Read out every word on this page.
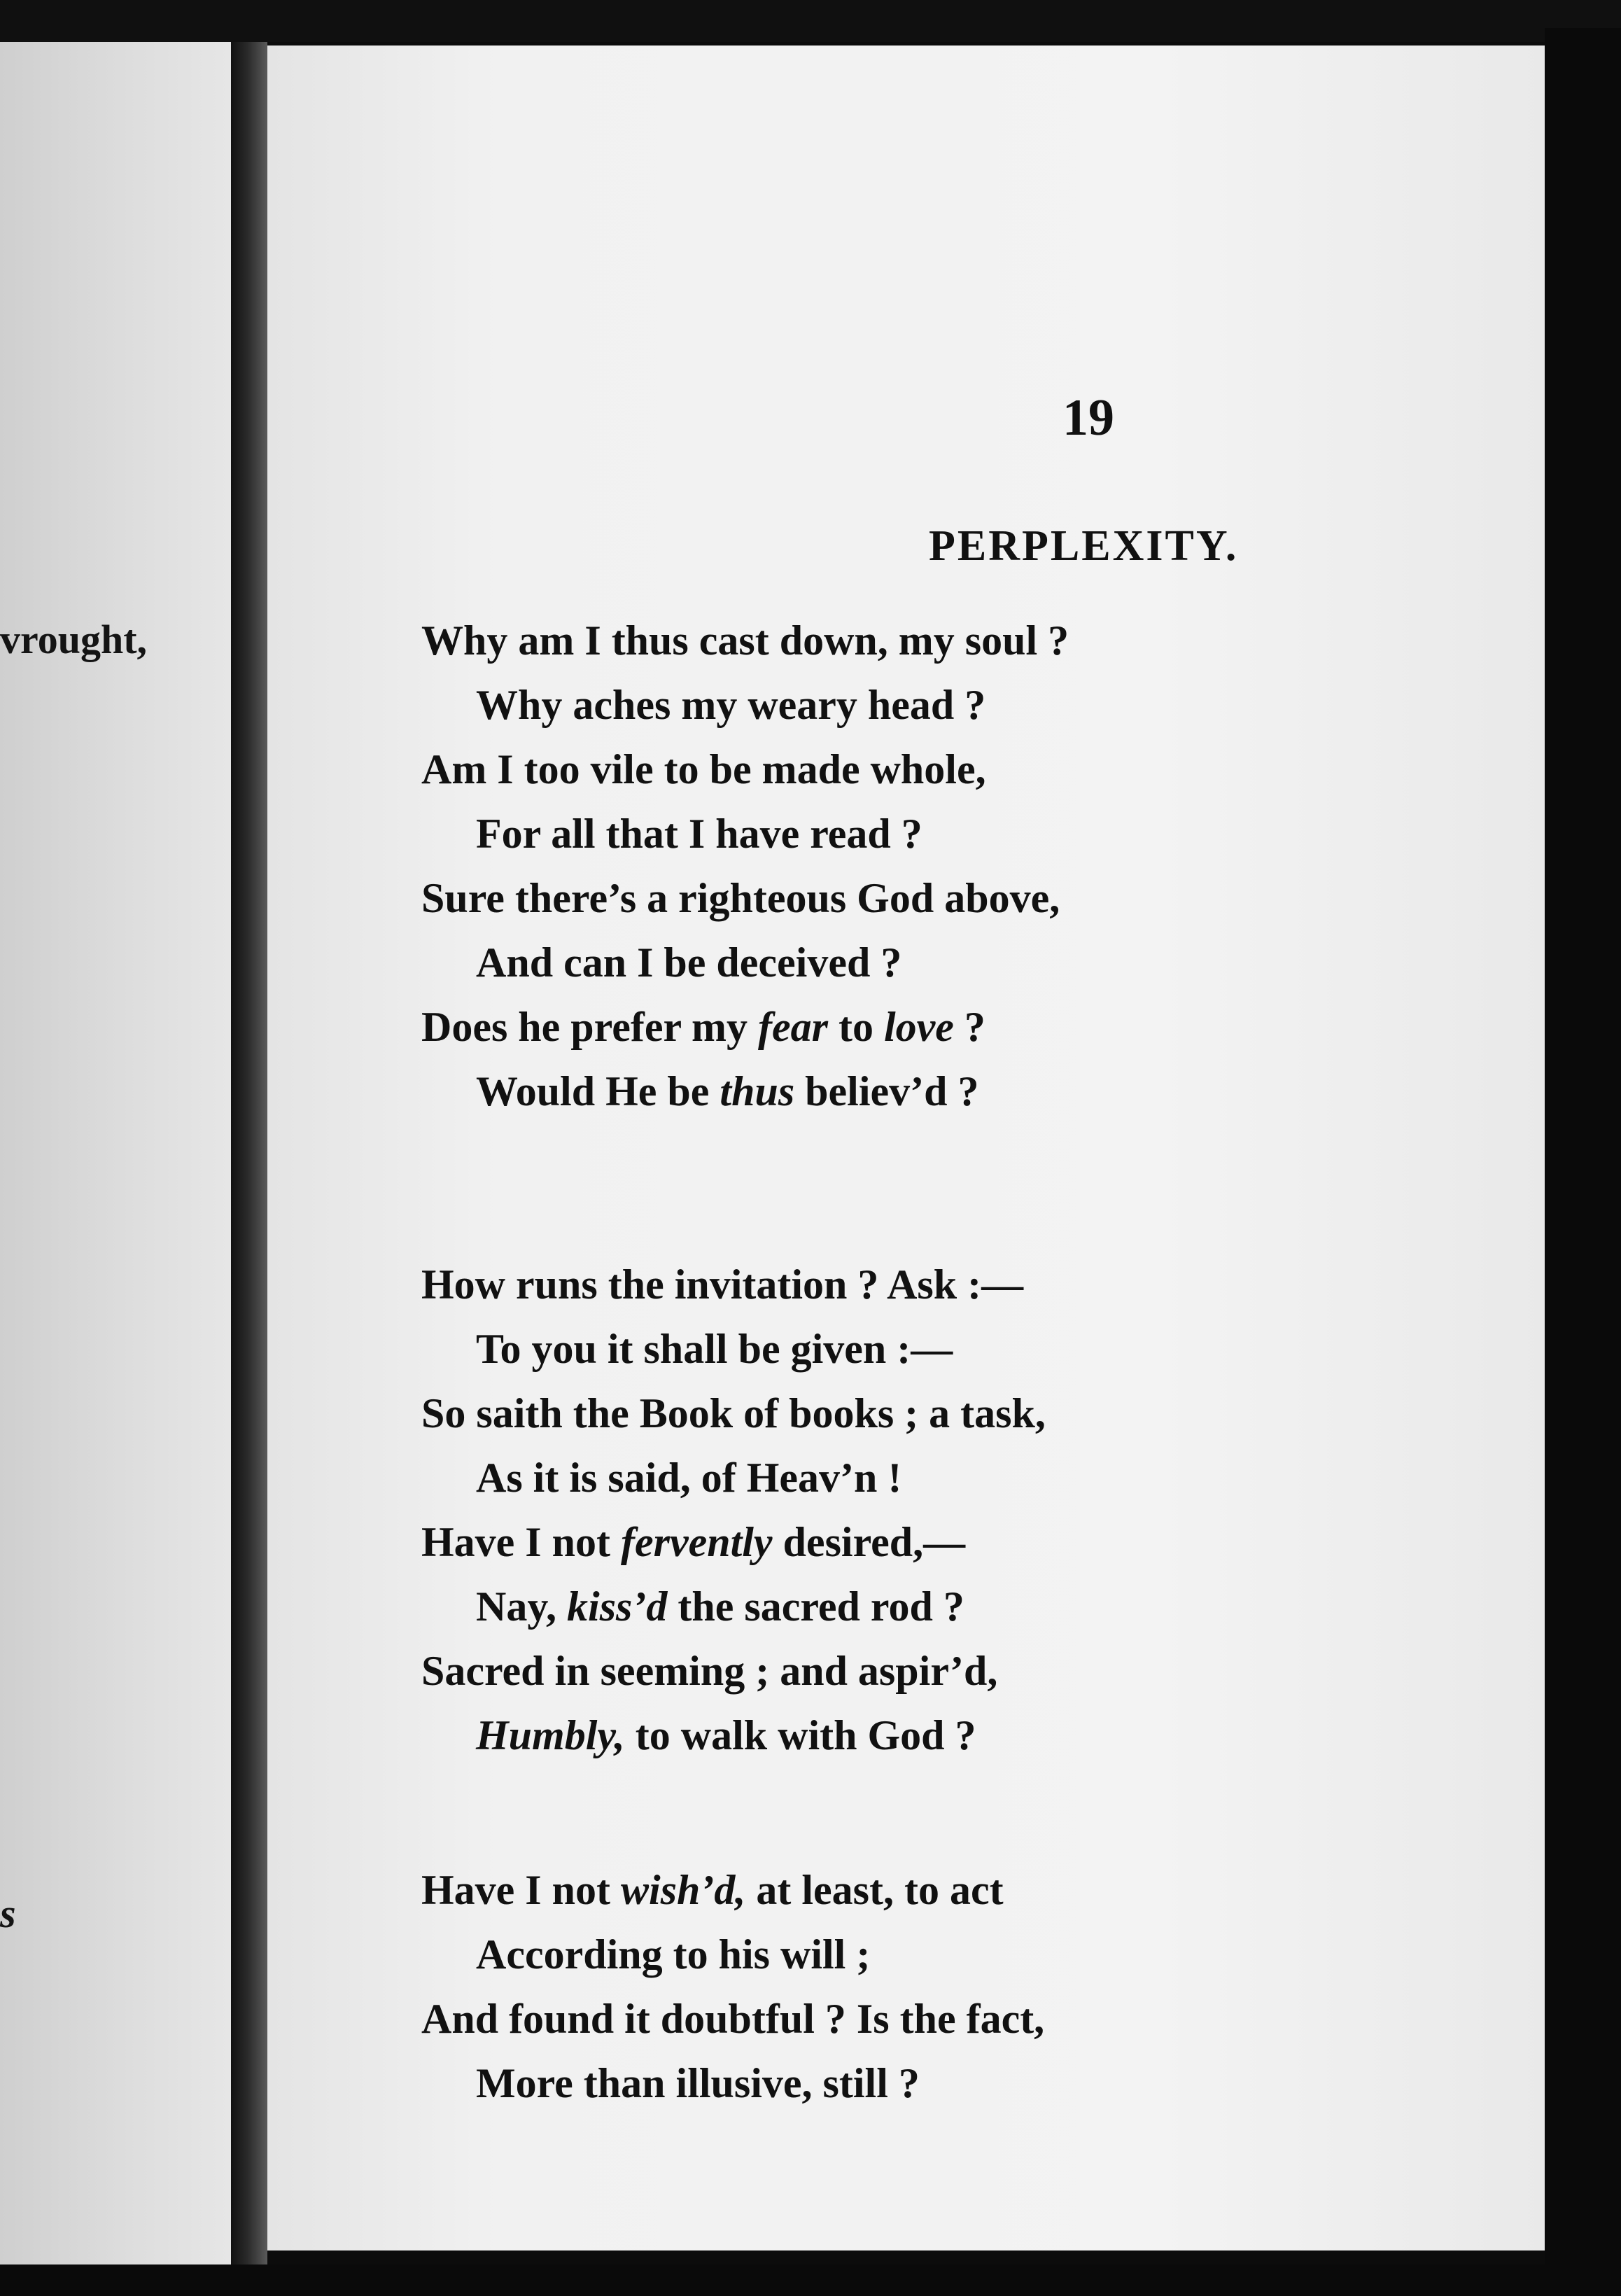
vrought,
s
19
PERPLEXITY.
Why am I thus cast down, my soul ?
Why aches my weary head ?
Am I too vile to be made whole,
For all that I have read ?
Sure there’s a righteous God above,
And can I be deceived ?
Does he prefer my fear to love ?
Would He be thus believ’d ?
How runs the invitation ? Ask :—
To you it shall be given :—
So saith the Book of books ; a task,
As it is said, of Heav’n !
Have I not fervently desired,—
Nay, kiss’d the sacred rod ?
Sacred in seeming ; and aspir’d,
Humbly, to walk with God ?
Have I not wish’d, at least, to act
According to his will ;
And found it doubtful ? Is the fact,
More than illusive, still ?
